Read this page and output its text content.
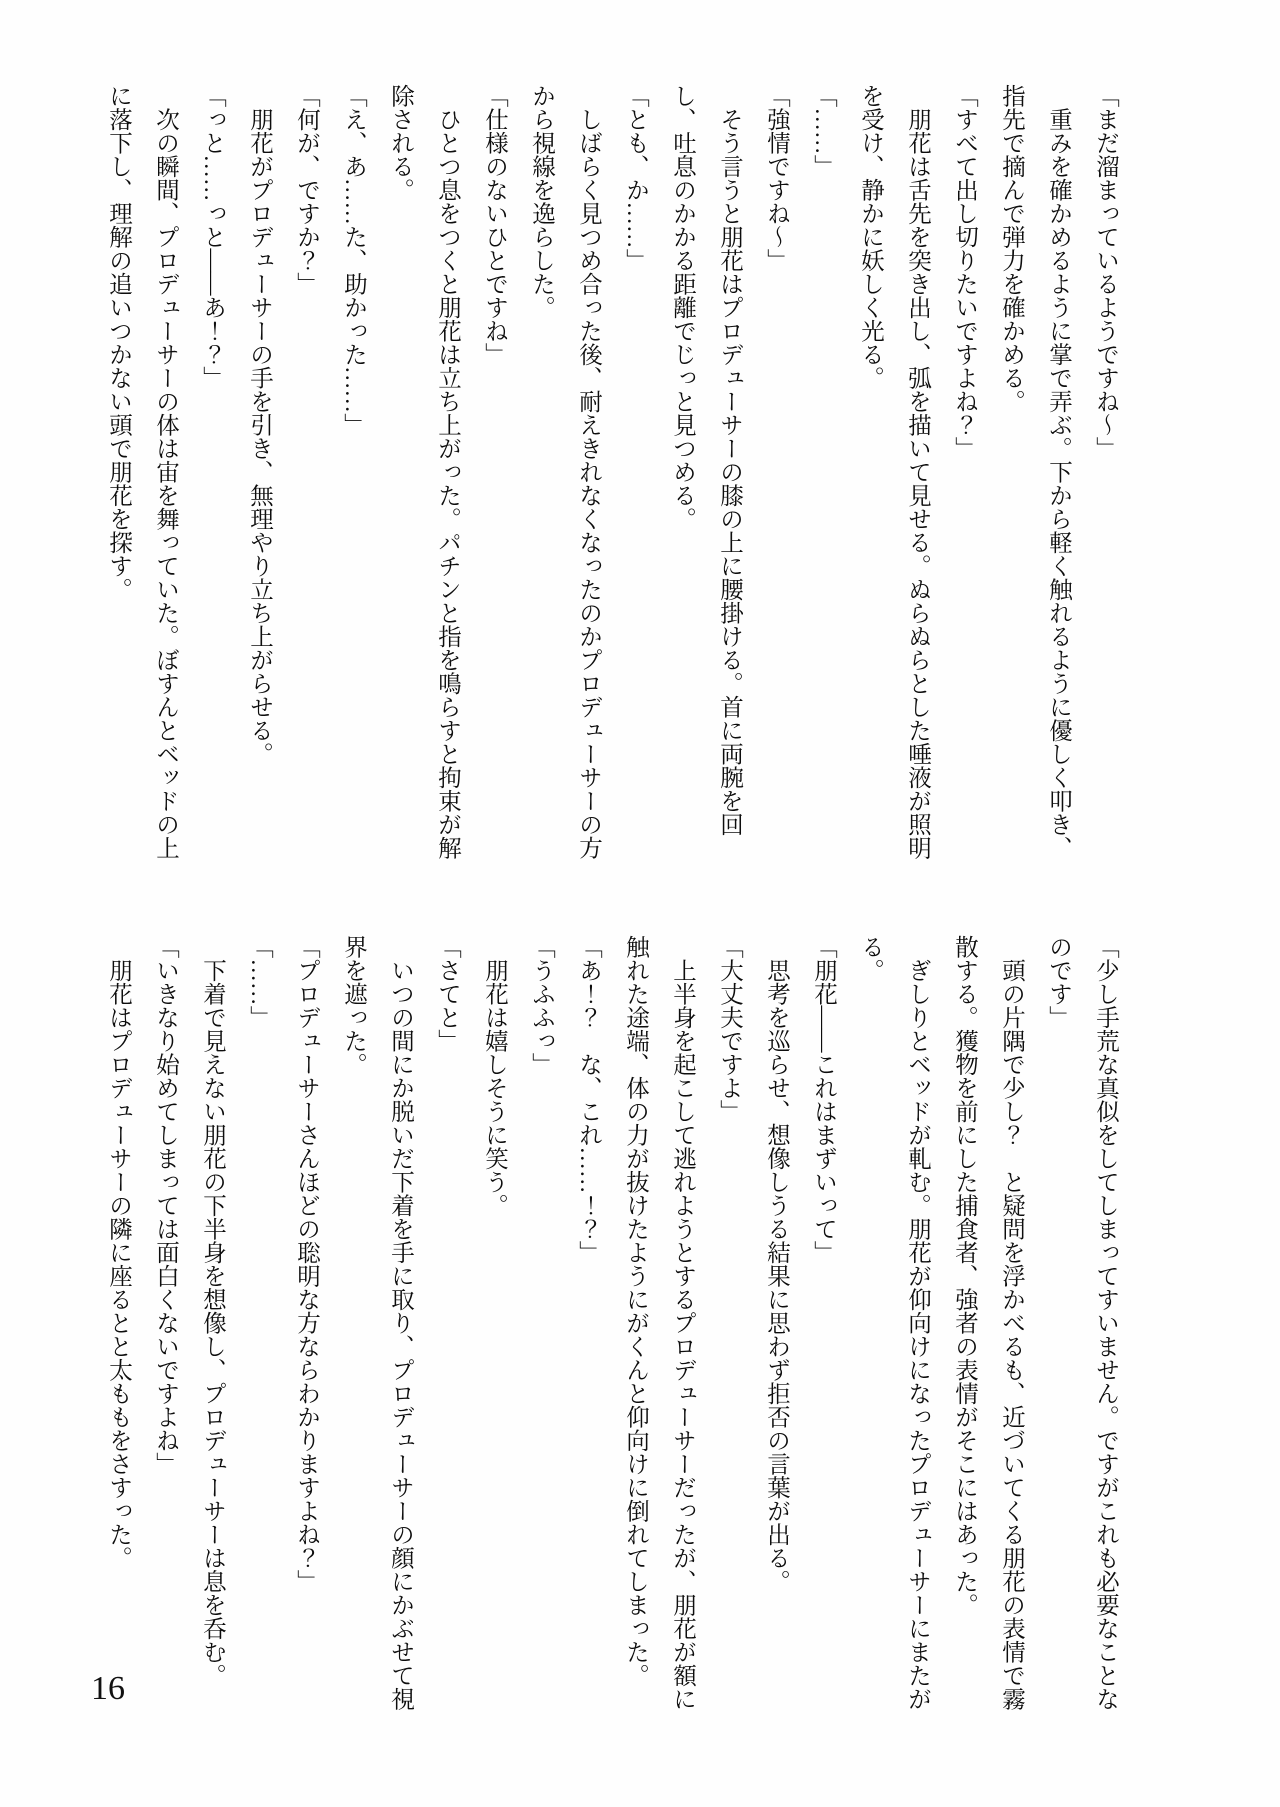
「まだ溜まっているようですね〜」
　重みを確かめるように掌で弄ぶ。下から軽く触れるように優しく叩き、
指先で摘んで弾力を確かめる。
「すべて出し切りたいですよね？」
　朋花は舌先を突き出し、弧を描いて見せる。ぬらぬらとした唾液が照明
を受け、静かに妖しく光る。
「……」
「強情ですね〜」
　そう言うと朋花はプロデューサーの膝の上に腰掛ける。首に両腕を回
し、吐息のかかる距離でじっと見つめる。
「とも、か……」
　しばらく見つめ合った後、耐えきれなくなったのかプロデューサーの方
から視線を逸らした。
「仕様のないひとですね」
　ひとつ息をつくと朋花は立ち上がった。パチンと指を鳴らすと拘束が解
除される。
「え、あ……た、助かった……」
「何が、ですか？」
　朋花がプロデューサーの手を引き、無理やり立ち上がらせる。
「っと……っと――あ！？」
　次の瞬間、プロデューサーの体は宙を舞っていた。ぼすんとベッドの上
に落下し、理解の追いつかない頭で朋花を探す。
「少し手荒な真似をしてしまってすいません。ですがこれも必要なことな
のです」
　頭の片隅で少し？　と疑問を浮かべるも、近づいてくる朋花の表情で霧
散する。獲物を前にした捕食者、強者の表情がそこにはあった。
　ぎしりとベッドが軋む。朋花が仰向けになったプロデューサーにまたが
る。
「朋花――これはまずいって」
　思考を巡らせ、想像しうる結果に思わず拒否の言葉が出る。
「大丈夫ですよ」
　上半身を起こして逃れようとするプロデューサーだったが、朋花が額に
触れた途端、体の力が抜けたようにがくんと仰向けに倒れてしまった。
「あ！？　な、これ……！？」
「うふふっ」
　朋花は嬉しそうに笑う。
「さてと」
　いつの間にか脱いだ下着を手に取り、プロデューサーの顔にかぶせて視
界を遮った。
「プロデューサーさんほどの聡明な方ならわかりますよね？」
「……」
　下着で見えない朋花の下半身を想像し、プロデューサーは息を呑む。
「いきなり始めてしまっては面白くないですよね」
　朋花はプロデューサーの隣に座るとと太ももをさすった。
16
